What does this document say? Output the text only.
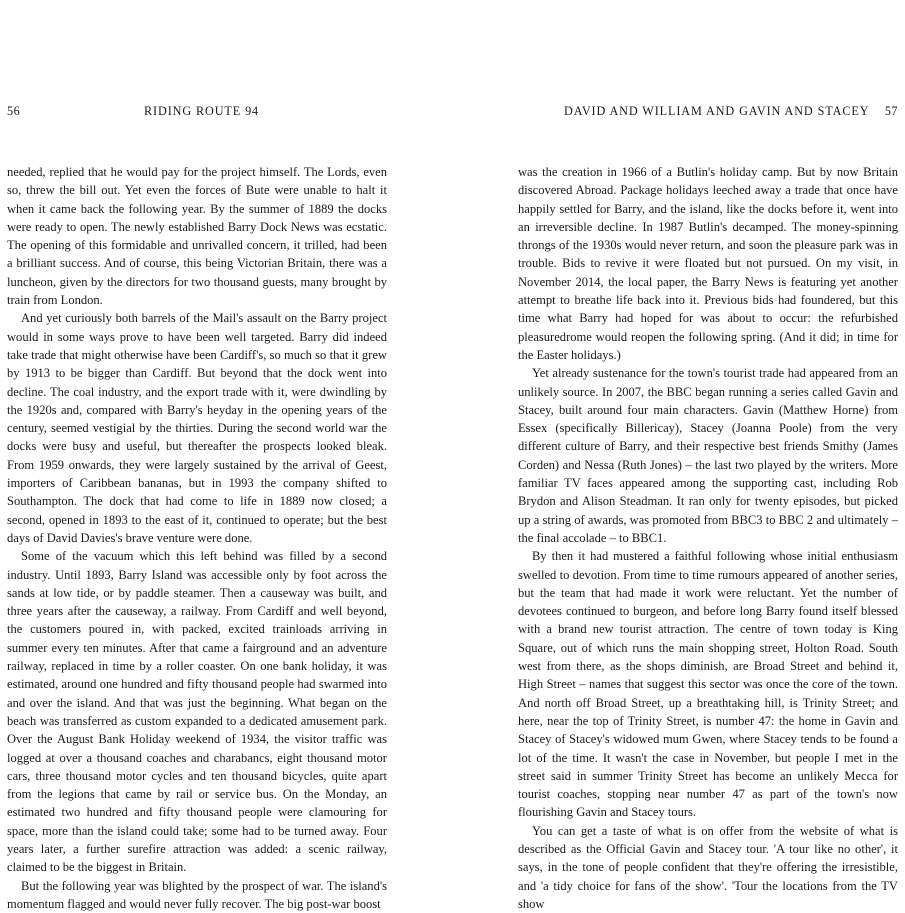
56	RIDING ROUTE 94

needed, replied that he would pay for the project himself. The Lords, even so, threw the bill out. Yet even the forces of Bute were unable to halt it when it came back the following year. By the summer of 1889 the docks were ready to open. The newly established Barry Dock News was ecstatic. The opening of this formidable and unrivalled concern, it trilled, had been a brilliant success. And of course, this being Victorian Britain, there was a luncheon, given by the directors for two thousand guests, many brought by train from London.

And yet curiously both barrels of the Mail's assault on the Barry project would in some ways prove to have been well targeted. Barry did indeed take trade that might otherwise have been Cardiff's, so much so that it grew by 1913 to be bigger than Cardiff. But beyond that the dock went into decline. The coal industry, and the export trade with it, were dwindling by the 1920s and, compared with Barry's heyday in the opening years of the century, seemed vestigial by the thirties. During the second world war the docks were busy and useful, but thereafter the prospects looked bleak. From 1959 onwards, they were largely sustained by the arrival of Geest, importers of Caribbean bananas, but in 1993 the company shifted to Southampton. The dock that had come to life in 1889 now closed; a second, opened in 1893 to the east of it, continued to operate; but the best days of David Davies's brave venture were done.

Some of the vacuum which this left behind was filled by a second industry. Until 1893, Barry Island was accessible only by foot across the sands at low tide, or by paddle steamer. Then a causeway was built, and three years after the causeway, a railway. From Cardiff and well beyond, the customers poured in, with packed, excited trainloads arriving in summer every ten minutes. After that came a fairground and an adventure railway, replaced in time by a roller coaster. On one bank holiday, it was estimated, around one hundred and fifty thousand people had swarmed into and over the island. And that was just the beginning. What began on the beach was transferred as custom expanded to a dedicated amusement park. Over the August Bank Holiday weekend of 1934, the visitor traffic was logged at over a thousand coaches and charabancs, eight thousand motor cars, three thousand motor cycles and ten thousand bicycles, quite apart from the legions that came by rail or service bus. On the Monday, an estimated two hundred and fifty thousand people were clamouring for space, more than the island could take; some had to be turned away. Four years later, a further surefire attraction was added: a scenic railway, claimed to be the biggest in Britain.

But the following year was blighted by the prospect of war. The island's momentum flagged and would never fully recover. The big post-war boost

DAVID AND WILLIAM AND GAVIN AND STACEY 57

was the creation in 1966 of a Butlin's holiday camp. But by now Britain discovered Abroad. Package holidays leeched away a trade that once have happily settled for Barry, and the island, like the docks before it, went into an irreversible decline. In 1987 Butlin's decamped. The money-spinning throngs of the 1930s would never return, and soon the pleasure park was in trouble. Bids to revive it were floated but not pursued. On my visit, in November 2014, the local paper, the Barry News is featuring yet another attempt to breathe life back into it. Previous bids had foundered, but this time what Barry had hoped for was about to occur: the refurbished pleasuredrome would reopen the following spring. (And it did; in time for the Easter holidays.)

Yet already sustenance for the town's tourist trade had appeared from an unlikely source. In 2007, the BBC began running a series called Gavin and Stacey, built around four main characters. Gavin (Matthew Horne) from Essex (specifically Billericay), Stacey (Joanna Poole) from the very different culture of Barry, and their respective best friends Smithy (James Corden) and Nessa (Ruth Jones) – the last two played by the writers. More familiar TV faces appeared among the supporting cast, including Rob Brydon and Alison Steadman. It ran only for twenty episodes, but picked up a string of awards, was promoted from BBC3 to BBC 2 and ultimately – the final accolade – to BBC1.

By then it had mustered a faithful following whose initial enthusiasm swelled to devotion. From time to time rumours appeared of another series, but the team that had made it work were reluctant. Yet the number of devotees continued to burgeon, and before long Barry found itself blessed with a brand new tourist attraction. The centre of town today is King Square, out of which runs the main shopping street, Holton Road. South west from there, as the shops diminish, are Broad Street and behind it, High Street – names that suggest this sector was once the core of the town. And north off Broad Street, up a breathtaking hill, is Trinity Street; and here, near the top of Trinity Street, is number 47: the home in Gavin and Stacey of Stacey's widowed mum Gwen, where Stacey tends to be found a lot of the time. It wasn't the case in November, but people I met in the street said in summer Trinity Street has become an unlikely Mecca for tourist coaches, stopping near number 47 as part of the town's now flourishing Gavin and Stacey tours.

You can get a taste of what is on offer from the website of what is described as the Official Gavin and Stacey tour. 'A tour like no other', it says, in the tone of people confident that they're offering the irresistible, and 'a tidy choice for fans of the show'. 'Tour the locations from the TV show
